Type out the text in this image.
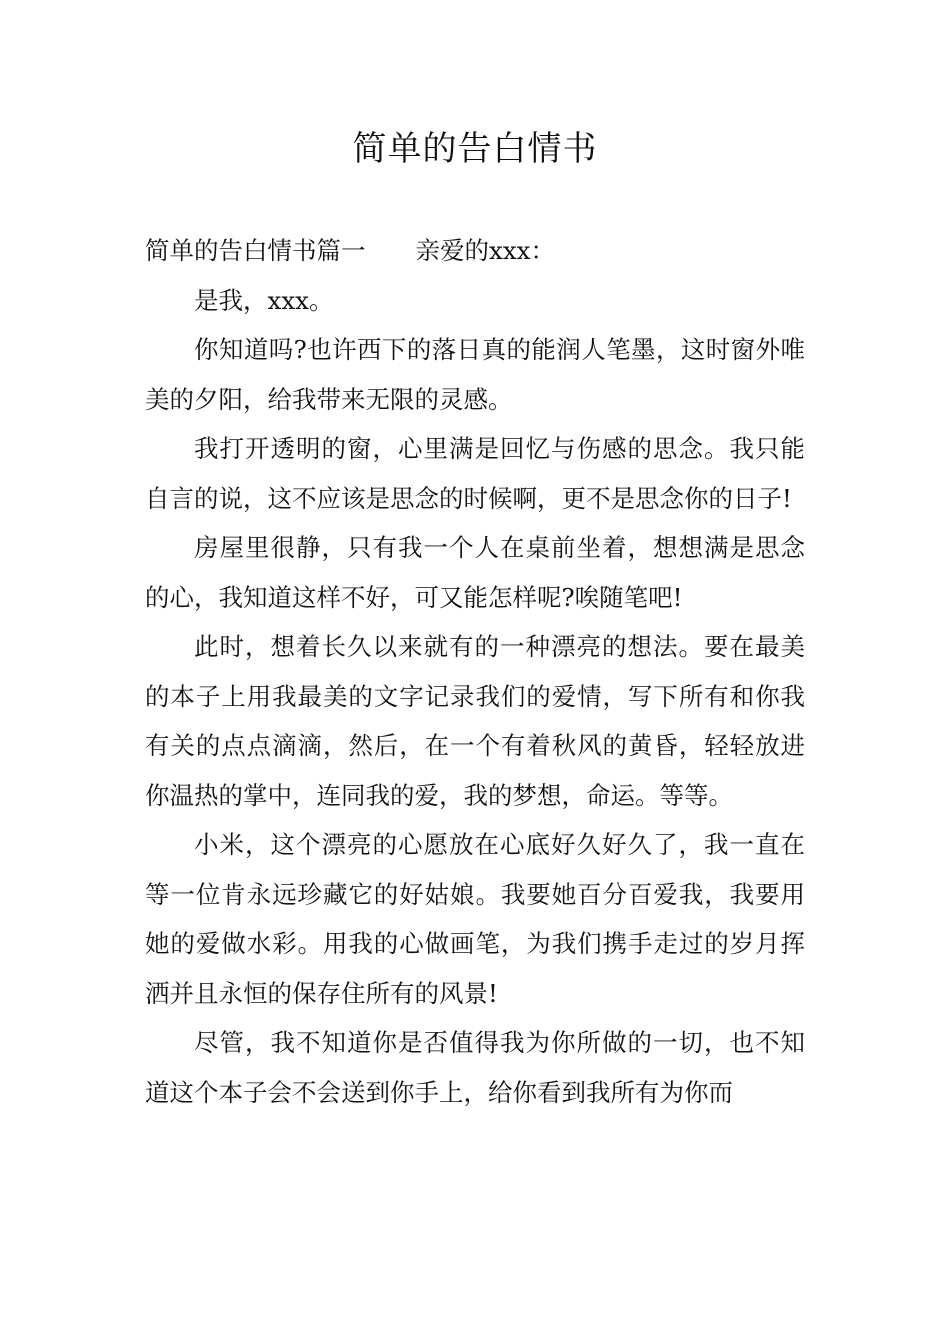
简单的告白情书

简单的告白情书篇一 亲爱的xxx：

是我，xxx。

你知道吗?也许西下的落日真的能润人笔墨，这时窗外唯美的夕阳，给我带来无限的灵感。

我打开透明的窗，心里满是回忆与伤感的思念。我只能自言的说，这不应该是思念的时候啊，更不是思念你的日子!

房屋里很静，只有我一个人在桌前坐着，想想满是思念的心，我知道这样不好，可又能怎样呢?唉随笔吧!

此时，想着长久以来就有的一种漂亮的想法。要在最美的本子上用我最美的文字记录我们的爱情，写下所有和你我有关的点点滴滴，然后，在一个有着秋风的黄昏，轻轻放进你温热的掌中，连同我的爱，我的梦想，命运。等等。

小米，这个漂亮的心愿放在心底好久好久了，我一直在等一位肯永远珍藏它的好姑娘。我要她百分百爱我，我要用她的爱做水彩。用我的心做画笔，为我们携手走过的岁月挥洒并且永恒的保存住所有的风景!

尽管，我不知道你是否值得我为你所做的一切，也不知道这个本子会不会送到你手上，给你看到我所有为你而
